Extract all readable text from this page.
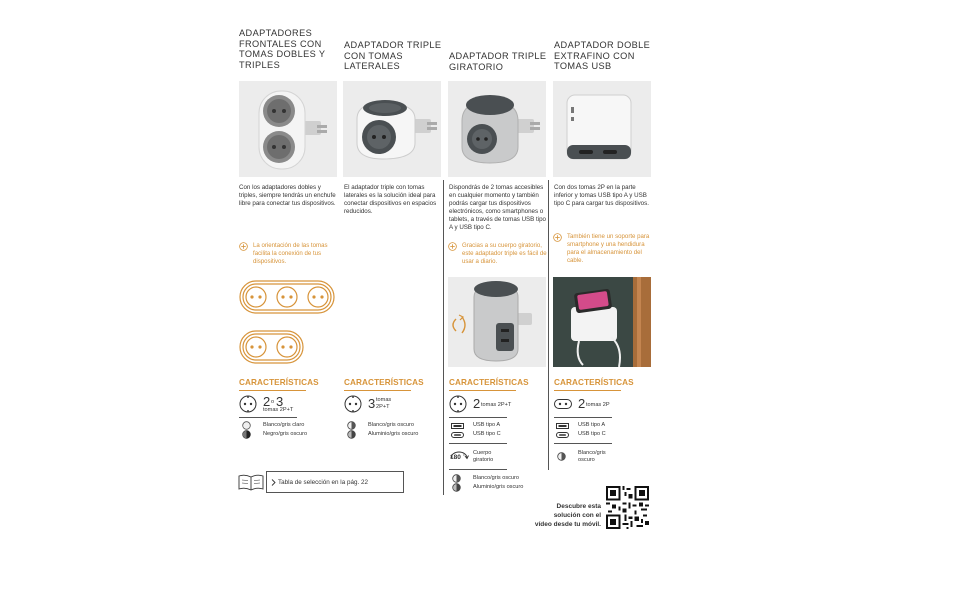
ADAPTADORES FRONTALES CON TOMAS DOBLES Y TRIPLES

Con los adaptadores dobles y triples, siempre tendrás un enchufe libre para conectar tus dispositivos.
La orientación de las tomas facilita la conexión de tus dispositivos.
CARACTERÍSTICAS
2 o 3
tomas 2P+T
Blanco/gris claro
Negro/gris oscuro

ADAPTADOR TRIPLE CON TOMAS LATERALES

El adaptador triple con tomas laterales es la solución ideal para conectar dispositivos en espacios reducidos.
CARACTERÍSTICAS
3 tomas
2P+T
Blanco/gris oscuro
Aluminio/gris oscuro

ADAPTADOR TRIPLE GIRATORIO

Dispondrás de 2 tomas accesibles en cualquier momento y también podrás cargar tus dispositivos electrónicos, como smartphones o tablets, a través de tomas USB tipo A y USB tipo C.
Gracias a su cuerpo giratorio, este adaptador triple es fácil de usar a diario.
CARACTERÍSTICAS
2 tomas 2P+T
USB tipo A
USB tipo C
180 º Cuerpo giratorio
Blanco/gris oscuro
Aluminio/gris oscuro

ADAPTADOR DOBLE EXTRAFINO CON TOMAS USB

Con dos tomas 2P en la parte inferior y tomas USB tipo A y USB tipo C para cargar tus dispositivos.
También tiene un soporte para smartphone y una hendidura para el almacenamiento del cable.
CARACTERÍSTICAS
2 tomas 2P
USB tipo A
USB tipo C
Blanco/gris oscuro
Tabla de selección en la pág. 22
Descubre esta
solución con el
vídeo desde tu móvil.
